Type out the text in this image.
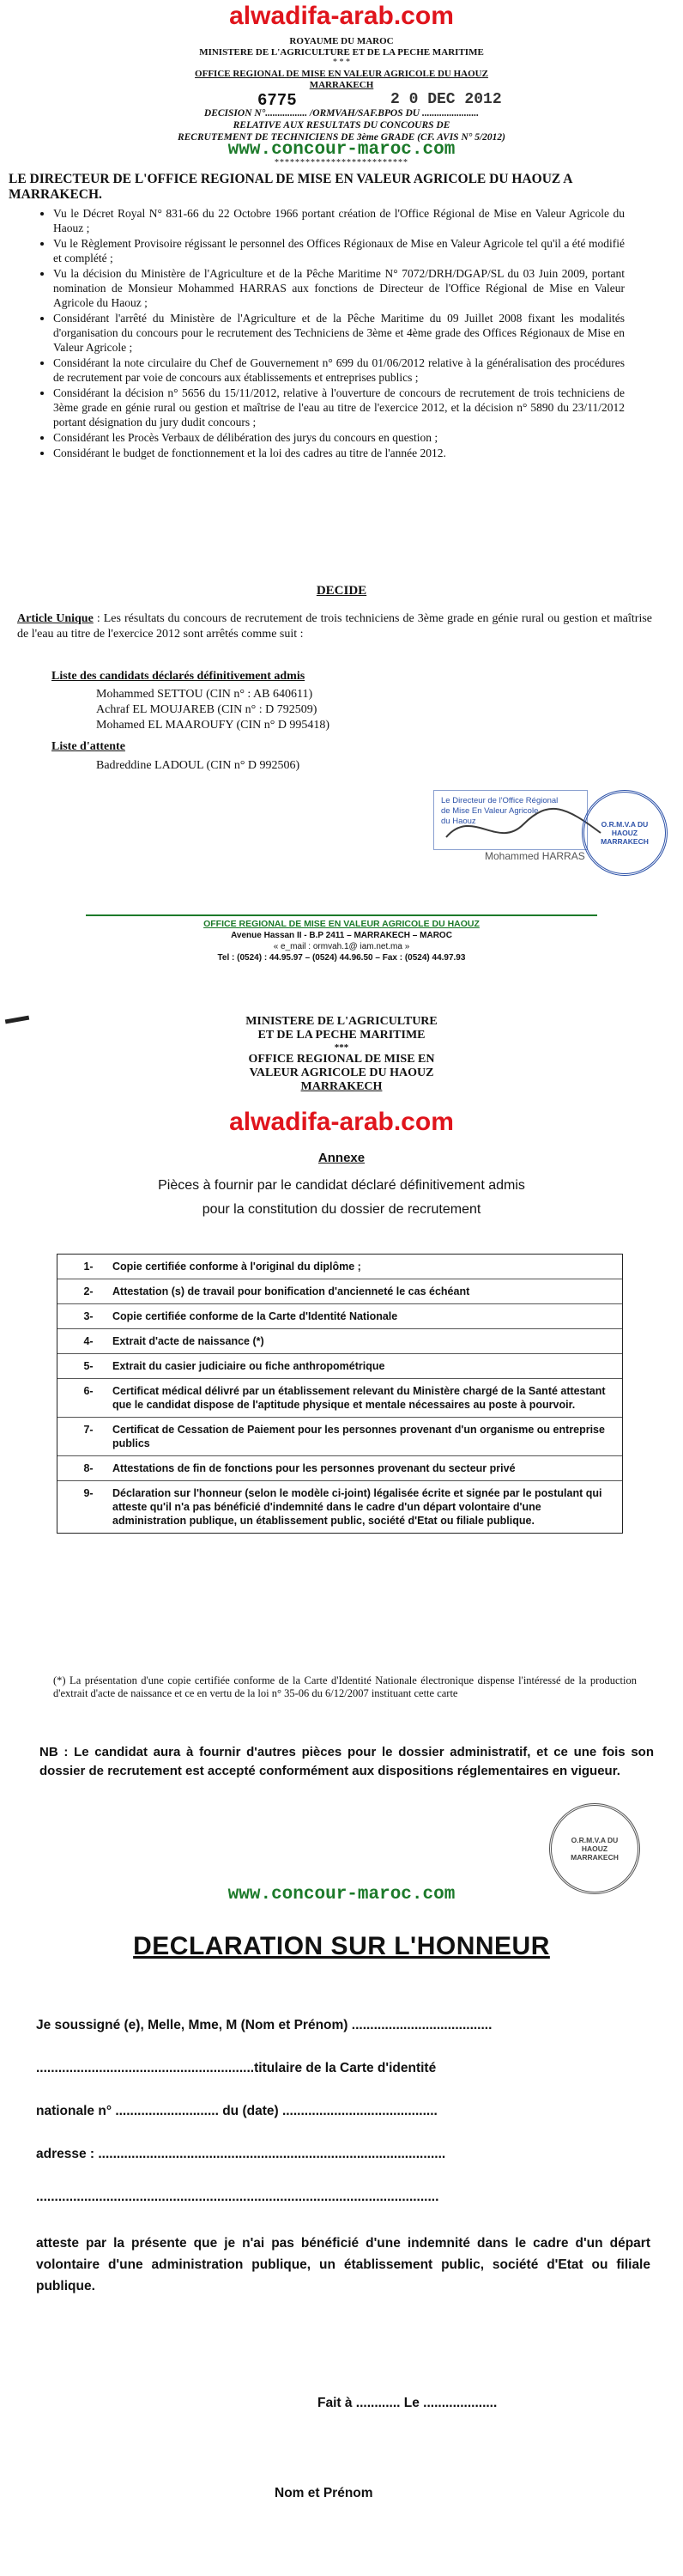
alwadifa-arab.com
ROYAUME DU MAROC
MINISTERE DE L'AGRICULTURE ET DE LA PECHE MARITIME
* * *
OFFICE REGIONAL DE MISE EN VALEUR AGRICOLE DU HAOUZ
MARRAKECH
6775	2 0 DEC 2012
DECISION N°................. /ORMVAH/SAF.BPOS DU .......................
RELATIVE AUX RESULTATS DU CONCOURS DE
RECRUTEMENT DE TECHNICIENS DE 3ème GRADE (CF. AVIS N° 5/2012)
www.concour-maroc.com
**************************
LE DIRECTEUR DE L'OFFICE REGIONAL DE MISE EN VALEUR AGRICOLE DU HAOUZ A MARRAKECH.
• Vu le Décret Royal N° 831-66 du 22 Octobre 1966 portant création de l'Office Régional de Mise en Valeur Agricole du Haouz ;
• Vu le Règlement Provisoire régissant le personnel des Offices Régionaux de Mise en Valeur Agricole tel qu'il a été modifié et complété ;
• Vu la décision du Ministère de l'Agriculture et de la Pêche Maritime N° 7072/DRH/DGAP/SL du 03 Juin 2009, portant nomination de Monsieur Mohammed HARRAS aux fonctions de Directeur de l'Office Régional de Mise en Valeur Agricole du Haouz ;
• Considérant l'arrêté du Ministère de l'Agriculture et de la Pêche Maritime du 09 Juillet 2008 fixant les modalités d'organisation du concours pour le recrutement des Techniciens de 3ème et 4ème grade des Offices Régionaux de Mise en Valeur Agricole ;
• Considérant la note circulaire du Chef de Gouvernement n° 699 du 01/06/2012 relative à la généralisation des procédures de recrutement par voie de concours aux établissements et entreprises publics ;
• Considérant la décision n° 5656 du 15/11/2012, relative à l'ouverture de concours de recrutement de trois techniciens de 3ème grade en génie rural ou gestion et maîtrise de l'eau au titre de l'exercice 2012, et la décision n° 5890 du 23/11/2012 portant désignation du jury dudit concours ;
• Considérant les Procès Verbaux de délibération des jurys du concours en question ;
• Considérant le budget de fonctionnement et la loi des cadres au titre de l'année 2012.
DECIDE
Article Unique : Les résultats du concours de recrutement de trois techniciens de 3ème grade en génie rural ou gestion et maîtrise de l'eau au titre de l'exercice 2012 sont arrêtés comme suit :
Liste des candidats déclarés définitivement admis
Mohammed SETTOU (CIN n° : AB 640611)
Achraf EL MOUJAREB (CIN n° : D 792509)
Mohamed EL MAAROUFY (CIN n° D 995418)
Liste d'attente
Badreddine LADOUL (CIN n° D 992506)
Le Directeur de l'Office Régional
de Mise En Valeur Agricole
du Haouz
Mohammed HARRAS
O.R.M.V.A DU HAOUZ MARRAKECH
OFFICE REGIONAL DE MISE EN VALEUR AGRICOLE DU HAOUZ
Avenue Hassan II - B.P 2411 – MARRAKECH – MAROC
« e_mail : ormvah.1@ iam.net.ma »
Tel : (0524) : 44.95.97 – (0524) 44.96.50 – Fax : (0524) 44.97.93
MINISTERE DE L'AGRICULTURE
ET DE LA PECHE MARITIME
***
OFFICE REGIONAL DE MISE EN
VALEUR AGRICOLE DU HAOUZ
MARRAKECH
alwadifa-arab.com
Annexe
Pièces à fournir par le candidat déclaré définitivement admis
pour la constitution du dossier de recrutement
1-	Copie certifiée conforme à l'original du diplôme ;
2-	Attestation (s) de travail pour bonification d'ancienneté le cas échéant
3-	Copie certifiée conforme de la Carte d'Identité Nationale
4-	Extrait d'acte de naissance (*)
5-	Extrait du casier judiciaire ou fiche anthropométrique
6-	Certificat médical délivré par un établissement relevant du Ministère chargé de la Santé attestant que le candidat dispose de l'aptitude physique et mentale nécessaires au poste à pourvoir.
7-	Certificat de Cessation de Paiement pour les personnes provenant d'un organisme ou entreprise publics
8-	Attestations de fin de fonctions pour les personnes provenant du secteur privé
9-	Déclaration sur l'honneur (selon le modèle ci-joint) légalisée écrite et signée par le postulant qui atteste qu'il n'a pas bénéficié d'indemnité dans le cadre d'un départ volontaire d'une administration publique, un établissement public, société d'Etat ou filiale publique.
(*) La présentation d'une copie certifiée conforme de la Carte d'Identité Nationale électronique dispense l'intéressé de la production d'extrait d'acte de naissance et ce en vertu de la loi n° 35-06 du 6/12/2007 instituant cette carte
NB : Le candidat aura à fournir d'autres pièces pour le dossier administratif, et ce une fois son dossier de recrutement est accepté conformément aux dispositions réglementaires en vigueur.
O.R.M.V.A DU HAOUZ MARRAKECH
www.concour-maroc.com
DECLARATION SUR L'HONNEUR
Je soussigné (e), Melle, Mme, M (Nom et Prénom) ......................................
...........................................................titulaire de la Carte d'identité
nationale n° ............................ du (date) ..........................................
adresse : ..............................................................................................
.............................................................................................................
atteste par la présente que je n'ai pas bénéficié d'une indemnité dans le cadre d'un départ volontaire d'une administration publique, un établissement public, société d'Etat ou filiale publique.
Fait à ............ Le ....................
Nom et Prénom
